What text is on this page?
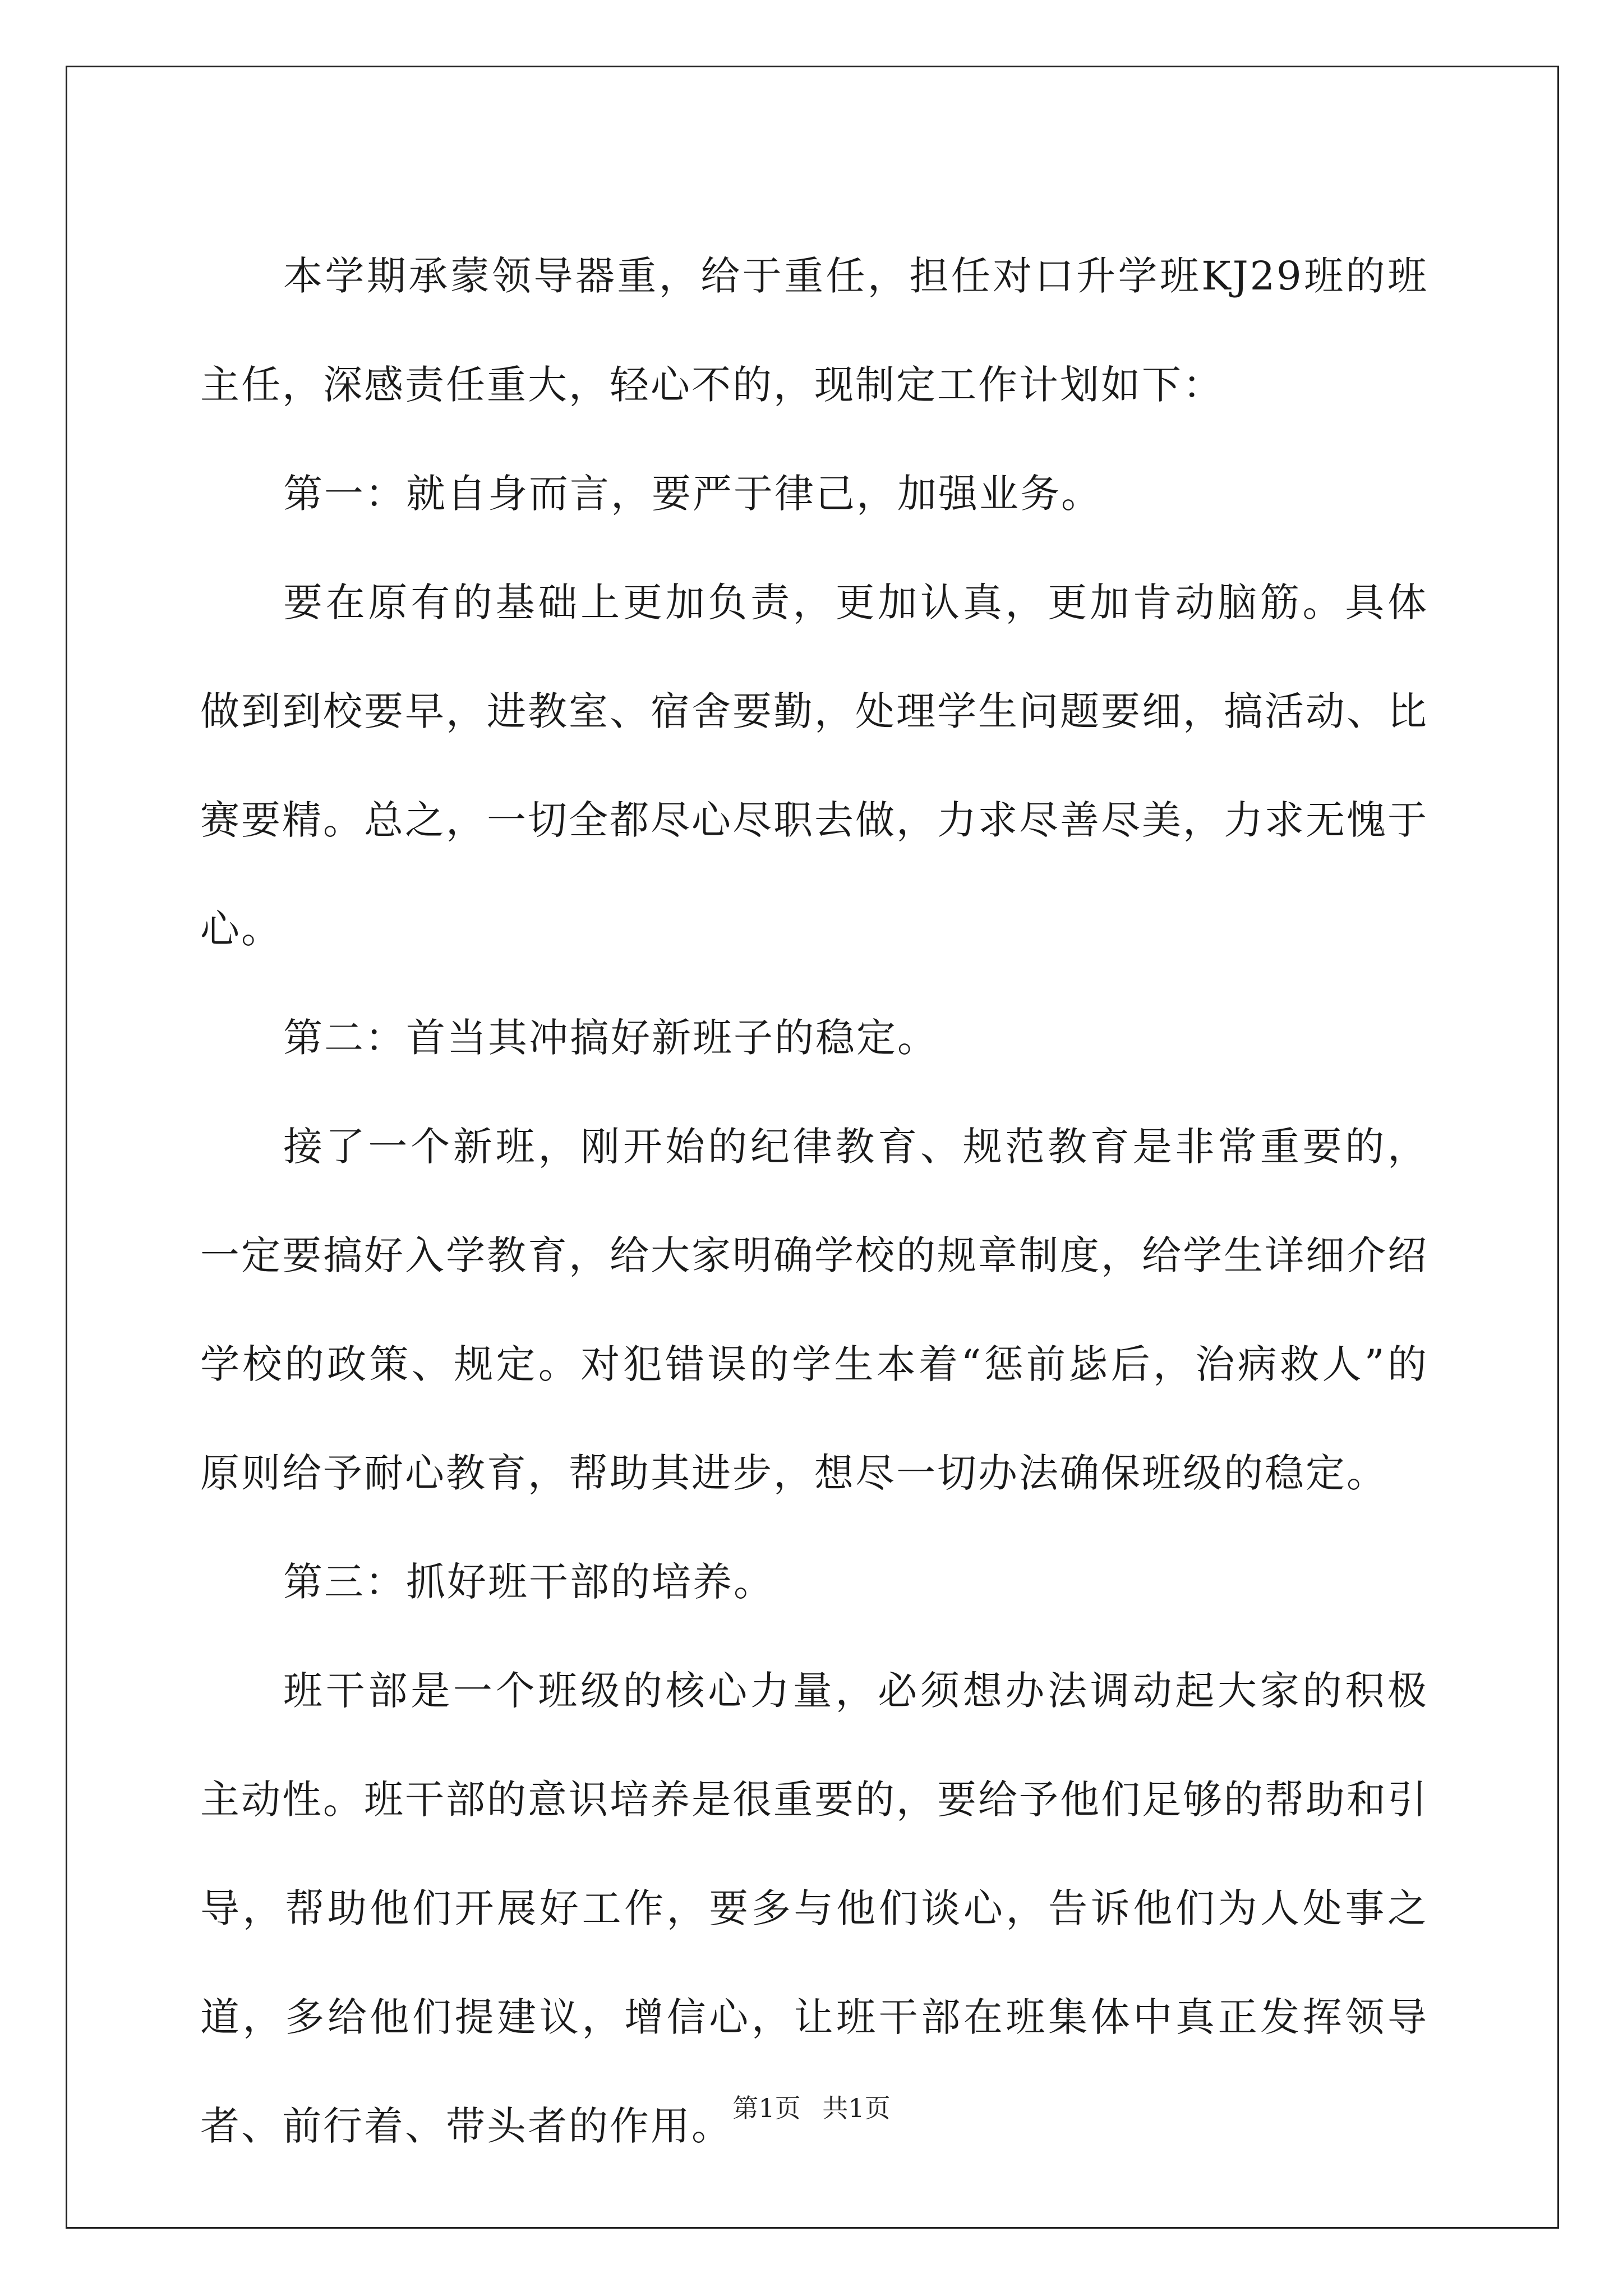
本学期承蒙领导器重，给于重任，担任对口升学班KJ29班的班主任，深感责任重大，轻心不的，现制定工作计划如下：

第一：就自身而言，要严于律己，加强业务。

要在原有的基础上更加负责，更加认真，更加肯动脑筋。具体做到到校要早，进教室、宿舍要勤，处理学生问题要细，搞活动、比赛要精。总之，一切全都尽心尽职去做，力求尽善尽美，力求无愧于心。

第二：首当其冲搞好新班子的稳定。

接了一个新班，刚开始的纪律教育、规范教育是非常重要的，一定要搞好入学教育，给大家明确学校的规章制度，给学生详细介绍学校的政策、规定。对犯错误的学生本着“惩前毖后，治病救人”的原则给予耐心教育，帮助其进步，想尽一切办法确保班级的稳定。

第三：抓好班干部的培养。

班干部是一个班级的核心力量，必须想办法调动起大家的积极主动性。班干部的意识培养是很重要的，要给予他们足够的帮助和引导，帮助他们开展好工作，要多与他们谈心，告诉他们为人处事之道，多给他们提建议，增信心，让班干部在班集体中真正发挥领导者、前行着、带头者的作用。 第1页 共1页
